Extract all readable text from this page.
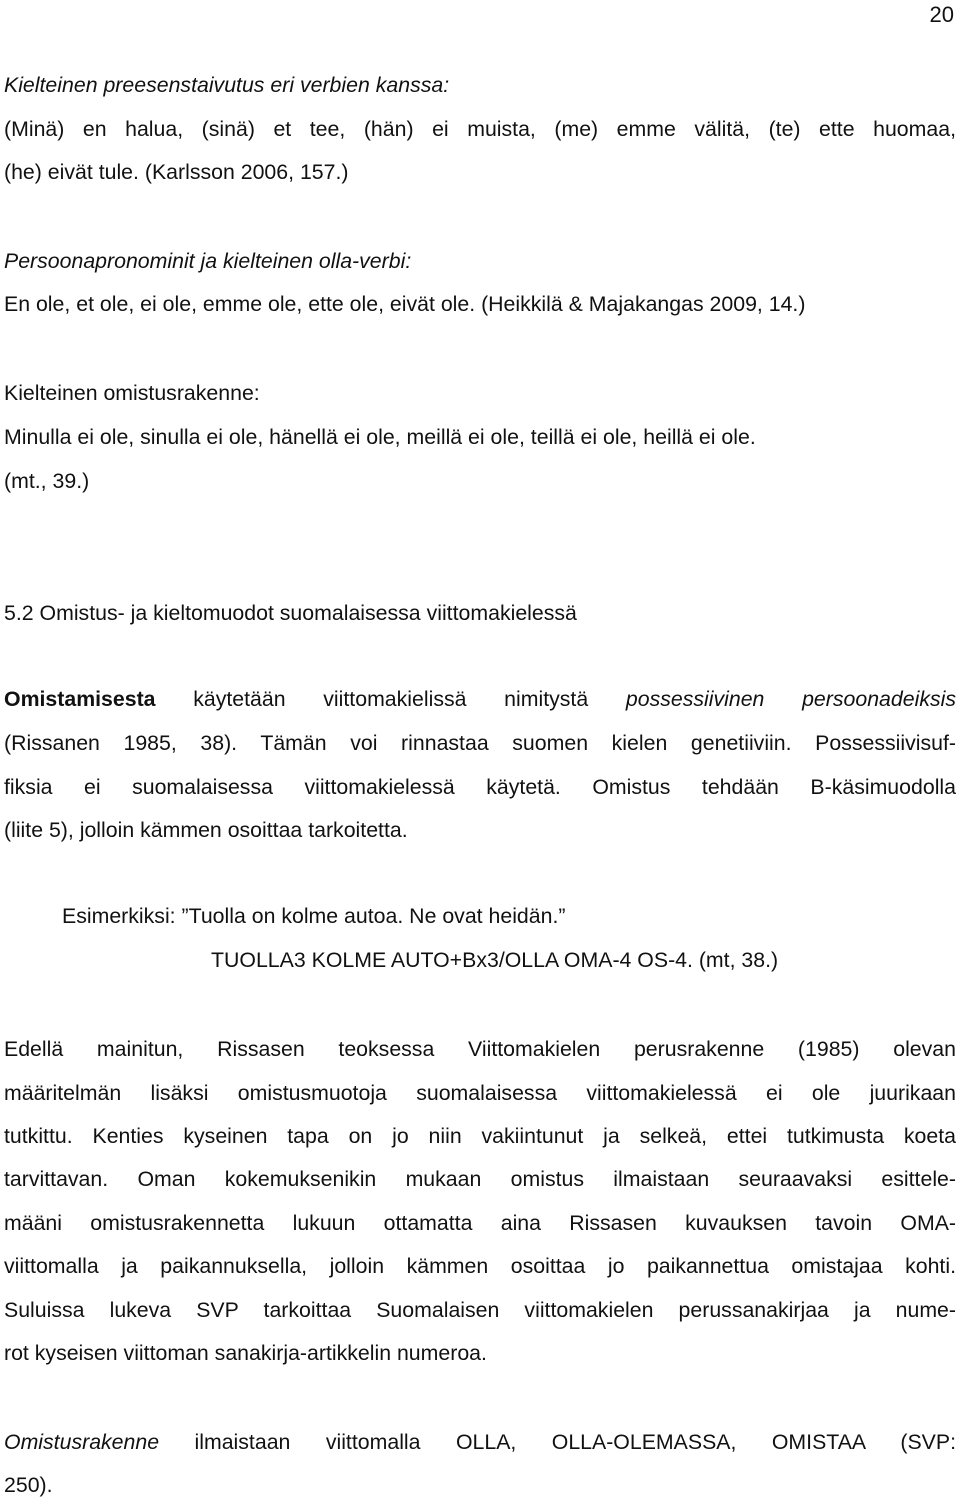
20
Kielteinen preesenstaivutus eri verbien kanssa:
(Minä) en halua, (sinä) et tee, (hän) ei muista, (me) emme välitä, (te) ette huomaa,
(he) eivät tule. (Karlsson 2006, 157.)
Persoonapronominit ja kielteinen olla-verbi:
En ole, et ole, ei ole, emme ole, ette ole, eivät ole. (Heikkilä & Majakangas 2009, 14.)
Kielteinen omistusrakenne:
Minulla ei ole, sinulla ei ole, hänellä ei ole, meillä ei ole, teillä ei ole, heillä ei ole.
(mt., 39.)
5.2 Omistus- ja kieltomuodot suomalaisessa viittomakielessä
Omistamisesta käytetään viittomakielissä nimitystä possessiivinen persoonadeiksis
(Rissanen 1985, 38). Tämän voi rinnastaa suomen kielen genetiiviin. Possessiivisuf-
fiksia ei suomalaisessa viittomakielessä käytetä. Omistus tehdään B-käsimuodolla
(liite 5), jolloin kämmen osoittaa tarkoitetta.
Esimerkiksi: ”Tuolla on kolme autoa. Ne ovat heidän.”
TUOLLA3 KOLME AUTO+Bx3/OLLA OMA-4 OS-4. (mt, 38.)
Edellä mainitun, Rissasen teoksessa Viittomakielen perusrakenne (1985) olevan
määritelmän lisäksi omistusmuotoja suomalaisessa viittomakielessä ei ole juurikaan
tutkittu. Kenties kyseinen tapa on jo niin vakiintunut ja selkeä, ettei tutkimusta koeta
tarvittavan. Oman kokemuksenikin mukaan omistus ilmaistaan seuraavaksi esittele-
määni omistusrakennetta lukuun ottamatta aina Rissasen kuvauksen tavoin OMA-
viittomalla ja paikannuksella, jolloin kämmen osoittaa jo paikannettua omistajaa kohti.
Suluissa lukeva SVP tarkoittaa Suomalaisen viittomakielen perussanakirjaa ja nume-
rot kyseisen viittoman sanakirja-artikkelin numeroa.
Omistusrakenne ilmaistaan viittomalla OLLA, OLLA-OLEMASSA, OMISTAA (SVP:
250).
